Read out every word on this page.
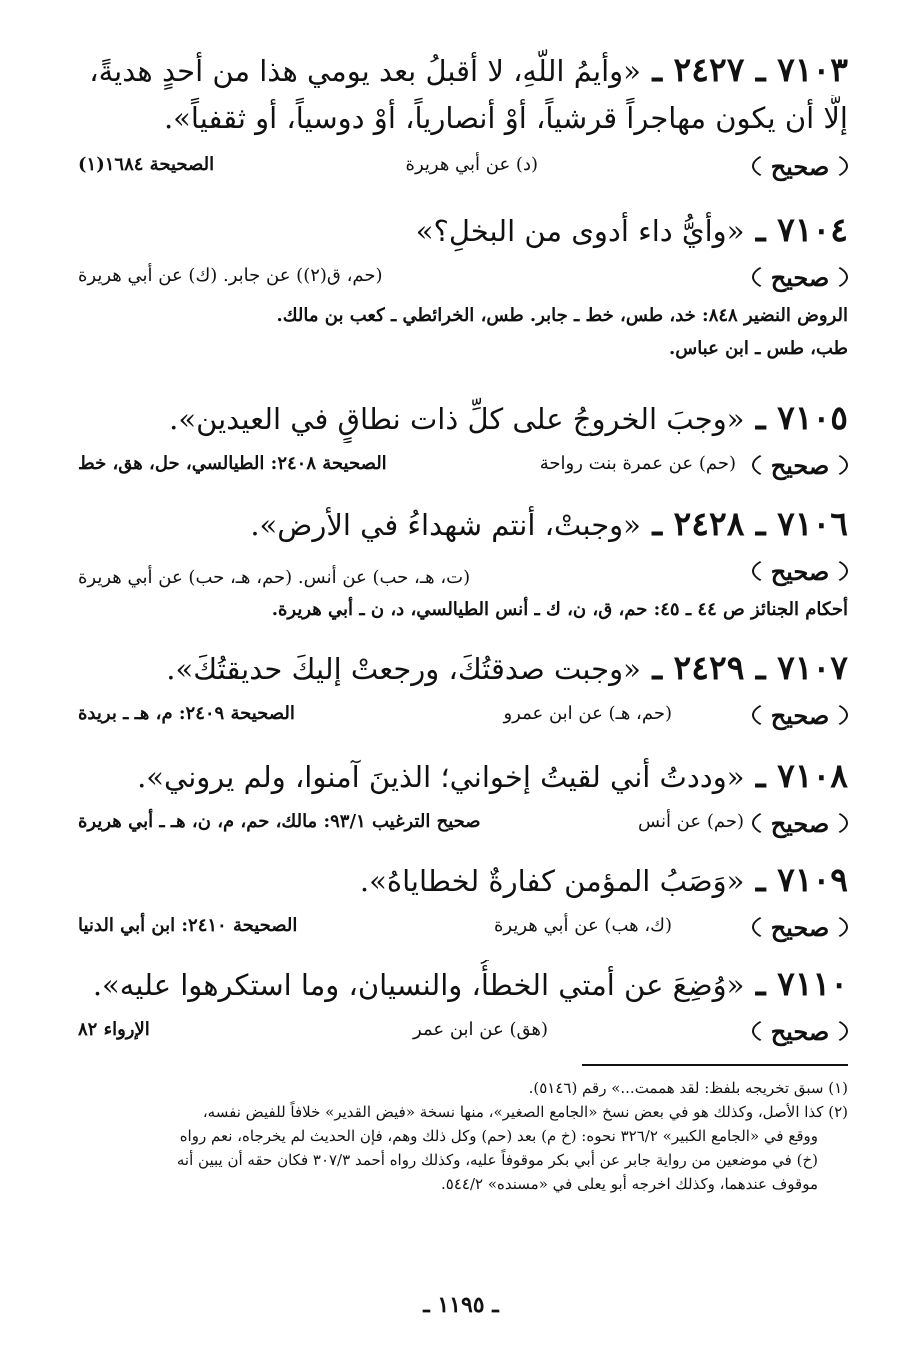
٧١٠٣ ـ ٢٤٢٧ ـ «وأيمُ اللّهِ، لا أقبلُ بعد يومي هذا من أحدٍ هديةً،
إلَّا أن يكون مهاجراً قرشياً، أوْ أنصارياً، أوْ دوسياً، أو ثقفياً».
صحيح
(د) عن أبي هريرة
الصحيحة ١٦٨٤(١)
٧١٠٤ ـ «وأيُّ داء أدوى من البخلِ؟»
صحيح
(حم، ق(٢)) عن جابر. (ك) عن أبي هريرة
الروض النضير ٨٤٨: خد، طس، خط ـ جابر. طس، الخرائطي ـ كعب بن مالك.
طب، طس ـ ابن عباس.
٧١٠٥ ـ «وجبَ الخروجُ على كلِّ ذات نطاقٍ في العيدين».
صحيح
(حم) عن عمرة بنت رواحة
الصحيحة ٢٤٠٨: الطيالسي، حل، هق، خط
٧١٠٦ ـ ٢٤٢٨ ـ «وجبتْ، أنتم شهداءُ في الأرض».
صحيح
(ت، هـ، حب) عن أنس. (حم، هـ، حب) عن أبي هريرة
أحكام الجنائز ص ٤٤ ـ ٤٥: حم، ق، ن، ك ـ أنس الطيالسي، د، ن ـ أبي هريرة.
٧١٠٧ ـ ٢٤٢٩ ـ «وجبت صدقتُكَ، ورجعتْ إليكَ حديقتُكَ».
صحيح
(حم، هـ) عن ابن عمرو
الصحيحة ٢٤٠٩: م، هـ ـ بريدة
٧١٠٨ ـ «وددتُ أني لقيتُ إخواني؛ الذينَ آمنوا، ولم يروني».
صحيح
(حم) عن أنس
صحيح الترغيب ٩٣/١: مالك، حم، م، ن، هـ ـ أبي هريرة
٧١٠٩ ـ «وَصَبُ المؤمن كفارةٌ لخطاياهُ».
صحيح
(ك، هب) عن أبي هريرة
الصحيحة ٢٤١٠: ابن أبي الدنيا
٧١١٠ ـ «وُضِعَ عن أمتي الخطأُ، والنسيان، وما استكرهوا عليه».
صحيح
(هق) عن ابن عمر
الإرواء ٨٢
(١) سبق تخريجه بلفظ: لقد هممت...» رقم (٥١٤٦).
(٢) كذا الأصل، وكذلك هو في بعض نسخ «الجامع الصغير»، منها نسخة «فيض القدير» خلافاً للفيض نفسه،
ووقع في «الجامع الكبير» ٣٢٦/٢ نحوه: (خ م) بعد (حم) وكل ذلك وهم، فإن الحديث لم يخرجاه، نعم رواه
(خ) في موضعين من رواية جابر عن أبي بكر موقوفاً عليه، وكذلك رواه أحمد ٣٠٧/٣ فكان حقه أن يبين أنه
موقوف عندهما، وكذلك اخرجه أبو يعلى في «مسنده» ٥٤٤/٢.
ـ ١١٩٥ ـ
